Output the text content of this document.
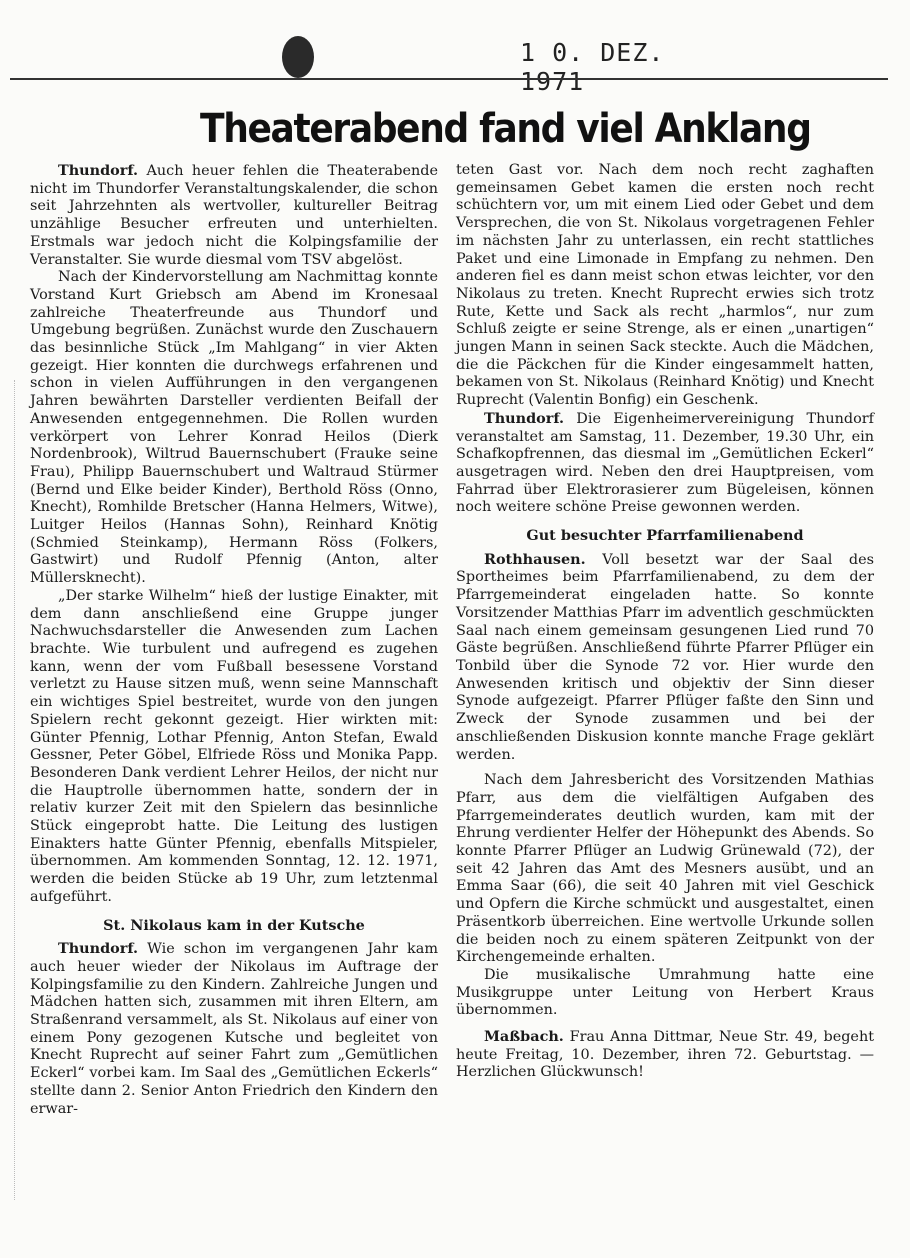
1 0. DEZ. 1971
Theaterabend fand viel Anklang

Thundorf. Auch heuer fehlen die Theaterabende nicht im Thundorfer Veranstaltungskalender, die schon seit Jahrzehnten als wertvoller, kultureller Beitrag unzählige Besucher erfreuten und unterhielten. Erstmals war jedoch nicht die Kolpingsfamilie der Veranstalter. Sie wurde diesmal vom TSV abgelöst.

Nach der Kindervorstellung am Nachmittag konnte Vorstand Kurt Griebsch am Abend im Kronesaal zahlreiche Theaterfreunde aus Thundorf und Umgebung begrüßen. Zunächst wurde den Zuschauern das besinnliche Stück „Im Mahlgang“ in vier Akten gezeigt. Hier konnten die durchwegs erfahrenen und schon in vielen Aufführungen in den vergangenen Jahren bewährten Darsteller verdienten Beifall der Anwesenden entgegennehmen. Die Rollen wurden verkörpert von Lehrer Konrad Heilos (Dierk Nordenbrook), Wiltrud Bauernschubert (Frauke seine Frau), Philipp Bauernschubert und Waltraud Stürmer (Bernd und Elke beider Kinder), Berthold Röss (Onno, Knecht), Romhilde Bretscher (Hanna Helmers, Witwe), Luitger Heilos (Hannas Sohn), Reinhard Knötig (Schmied Steinkamp), Hermann Röss (Folkers, Gastwirt) und Rudolf Pfennig (Anton, alter Müllersknecht).

„Der starke Wilhelm“ hieß der lustige Einakter, mit dem dann anschließend eine Gruppe junger Nachwuchsdarsteller die Anwesenden zum Lachen brachte. Wie turbulent und aufregend es zugehen kann, wenn der vom Fußball besessene Vorstand verletzt zu Hause sitzen muß, wenn seine Mannschaft ein wichtiges Spiel bestreitet, wurde von den jungen Spielern recht gekonnt gezeigt. Hier wirkten mit: Günter Pfennig, Lothar Pfennig, Anton Stefan, Ewald Gessner, Peter Göbel, Elfriede Röss und Monika Papp. Besonderen Dank verdient Lehrer Heilos, der nicht nur die Hauptrolle übernommen hatte, sondern der in relativ kurzer Zeit mit den Spielern das besinnliche Stück eingeprobt hatte. Die Leitung des lustigen Einakters hatte Günter Pfennig, ebenfalls Mitspieler, übernommen. Am kommenden Sonntag, 12. 12. 1971, werden die beiden Stücke ab 19 Uhr, zum letztenmal aufgeführt.

St. Nikolaus kam in der Kutsche

Thundorf. Wie schon im vergangenen Jahr kam auch heuer wieder der Nikolaus im Auftrage der Kolpingsfamilie zu den Kindern. Zahlreiche Jungen und Mädchen hatten sich, zusammen mit ihren Eltern, am Straßenrand versammelt, als St. Nikolaus auf einer von einem Pony gezogenen Kutsche und begleitet von Knecht Ruprecht auf seiner Fahrt zum „Gemütlichen Eckerl“ vorbei kam. Im Saal des „Gemütlichen Eckerls“ stellte dann 2. Senior Anton Friedrich den Kindern den erwar-

teten Gast vor. Nach dem noch recht zaghaften gemeinsamen Gebet kamen die ersten noch recht schüchtern vor, um mit einem Lied oder Gebet und dem Versprechen, die von St. Nikolaus vorgetragenen Fehler im nächsten Jahr zu unterlassen, ein recht stattliches Paket und eine Limonade in Empfang zu nehmen. Den anderen fiel es dann meist schon etwas leichter, vor den Nikolaus zu treten. Knecht Ruprecht erwies sich trotz Rute, Kette und Sack als recht „harmlos“, nur zum Schluß zeigte er seine Strenge, als er einen „unartigen“ jungen Mann in seinen Sack steckte. Auch die Mädchen, die die Päckchen für die Kinder eingesammelt hatten, bekamen von St. Nikolaus (Reinhard Knötig) und Knecht Ruprecht (Valentin Bonfig) ein Geschenk.

Thundorf. Die Eigenheimervereinigung Thundorf veranstaltet am Samstag, 11. Dezember, 19.30 Uhr, ein Schafkopfrennen, das diesmal im „Gemütlichen Eckerl“ ausgetragen wird. Neben den drei Hauptpreisen, vom Fahrrad über Elektrorasierer zum Bügeleisen, können noch weitere schöne Preise gewonnen werden.

Gut besuchter Pfarrfamilienabend

Rothhausen. Voll besetzt war der Saal des Sportheimes beim Pfarrfamilienabend, zu dem der Pfarrgemeinderat eingeladen hatte. So konnte Vorsitzender Matthias Pfarr im adventlich geschmückten Saal nach einem gemeinsam gesungenen Lied rund 70 Gäste begrüßen. Anschließend führte Pfarrer Pflüger ein Tonbild über die Synode 72 vor. Hier wurde den Anwesenden kritisch und objektiv der Sinn dieser Synode aufgezeigt. Pfarrer Pflüger faßte den Sinn und Zweck der Synode zusammen und bei der anschließenden Diskusion konnte manche Frage geklärt werden.

Nach dem Jahresbericht des Vorsitzenden Mathias Pfarr, aus dem die vielfältigen Aufgaben des Pfarrgemeinderates deutlich wurden, kam mit der Ehrung verdienter Helfer der Höhepunkt des Abends. So konnte Pfarrer Pflüger an Ludwig Grünewald (72), der seit 42 Jahren das Amt des Mesners ausübt, und an Emma Saar (66), die seit 40 Jahren mit viel Geschick und Opfern die Kirche schmückt und ausgestaltet, einen Präsentkorb überreichen. Eine wertvolle Urkunde sollen die beiden noch zu einem späteren Zeitpunkt von der Kirchengemeinde erhalten.

Die musikalische Umrahmung hatte eine Musikgruppe unter Leitung von Herbert Kraus übernommen.

Maßbach. Frau Anna Dittmar, Neue Str. 49, begeht heute Freitag, 10. Dezember, ihren 72. Geburtstag. — Herzlichen Glückwunsch!
